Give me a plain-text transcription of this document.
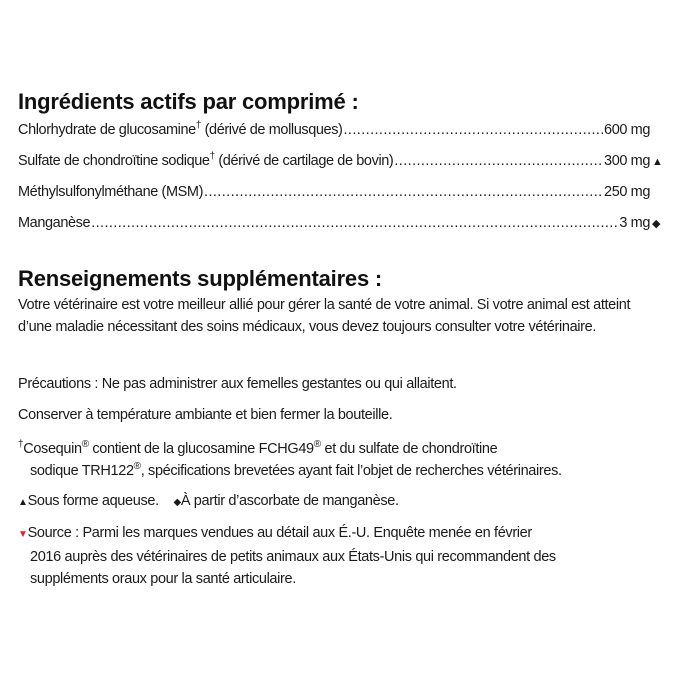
Ingrédients actifs par comprimé :
Chlorhydrate de glucosamine† (dérivé de mollusques) .....	600 mg
Sulfate de chondroïtine sodique† (dérivé de cartilage de bovin) .....	300 mg ▲
Méthylsulfonylméthane (MSM) .....	250 mg
Manganèse .....	3 mg ◆
Renseignements supplémentaires :

Votre vétérinaire est votre meilleur allié pour gérer la santé de votre animal. Si votre animal est atteint d’une maladie nécessitant des soins médicaux, vous devez toujours consulter votre vétérinaire.

Précautions : Ne pas administrer aux femelles gestantes ou qui allaitent.

Conserver à température ambiante et bien fermer la bouteille.

†Cosequin® contient de la glucosamine FCHG49® et du sulfate de chondroïtine
sodique TRH122®, spécifications brevetées ayant fait l’objet de recherches vétérinaires.

▲Sous forme aqueuse. ◆À partir d’ascorbate de manganèse.

▼Source : Parmi les marques vendues au détail aux É.-U. Enquête menée en février
2016 auprès des vétérinaires de petits animaux aux États-Unis qui recommandent des
suppléments oraux pour la santé articulaire.
